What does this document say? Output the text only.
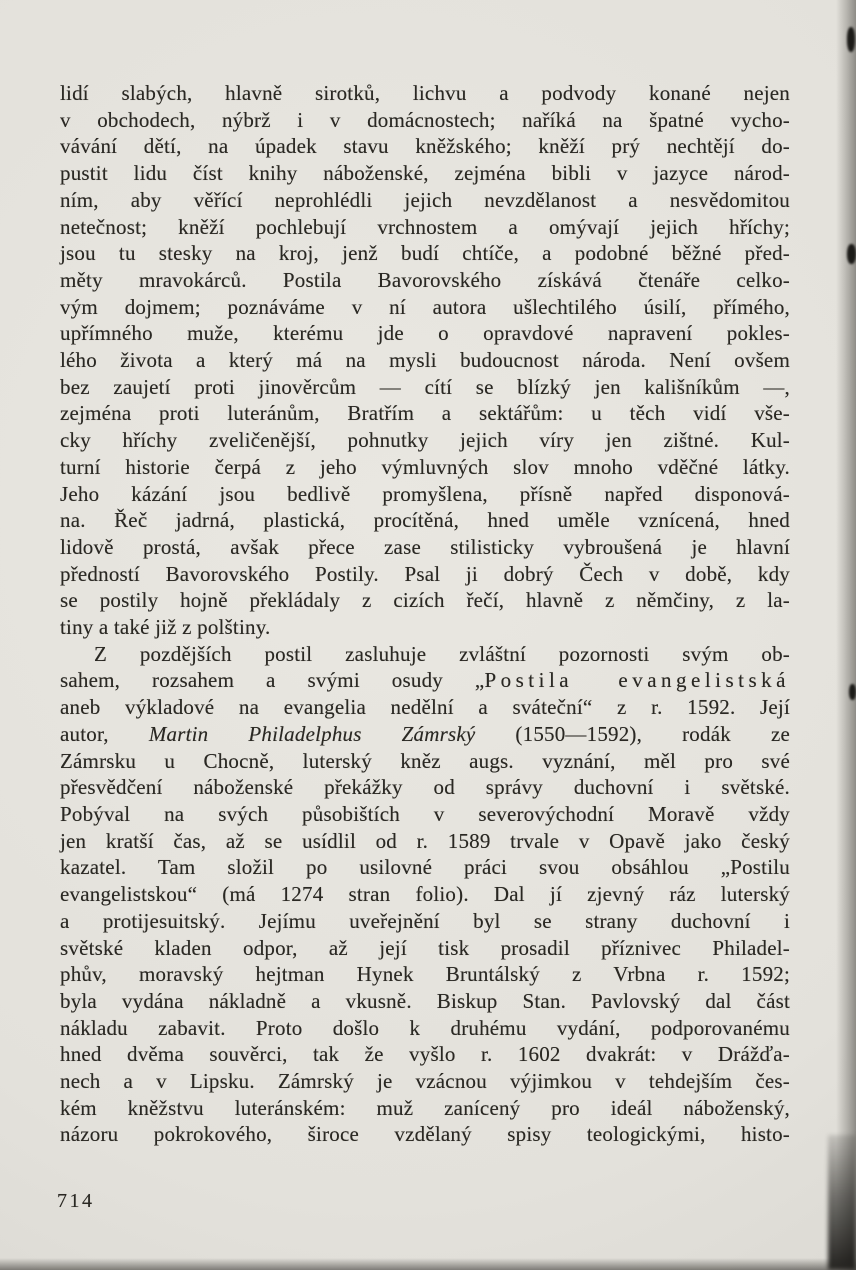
lidí slabých, hlavně sirotků, lichvu a podvody konané nejen
v obchodech, nýbrž i v domácnostech; naříká na špatné vycho-
vávání dětí, na úpadek stavu kněžského; kněží prý nechtějí do-
pustit lidu číst knihy náboženské, zejména bibli v jazyce národ-
ním, aby věřící neprohlédli jejich nevzdělanost a nesvědomitou
netečnost; kněží pochlebují vrchnostem a omývají jejich hříchy;
jsou tu stesky na kroj, jenž budí chtíče, a podobné běžné před-
měty mravokárců. Postila Bavorovského získává čtenáře celko-
vým dojmem; poznáváme v ní autora ušlechtilého úsilí, přímého,
upřímného muže, kterému jde o opravdové napravení pokles-
lého života a který má na mysli budoucnost národa. Není ovšem
bez zaujetí proti jinověrcům — cítí se blízký jen kališníkům —,
zejména proti luteránům, Bratřím a sektářům: u těch vidí vše-
cky hříchy zveličenější, pohnutky jejich víry jen zištné. Kul-
turní historie čerpá z jeho výmluvných slov mnoho vděčné látky.
Jeho kázání jsou bedlivě promyšlena, přísně napřed disponová-
na. Řeč jadrná, plastická, procítěná, hned uměle vznícená, hned
lidově prostá, avšak přece zase stilisticky vybroušená je hlavní
předností Bavorovského Postily. Psal ji dobrý Čech v době, kdy
se postily hojně překládaly z cizích řečí, hlavně z němčiny, z la-
tiny a také již z polštiny.
Z pozdějších postil zasluhuje zvláštní pozornosti svým ob-
sahem, rozsahem a svými osudy „Postila evangelistská
aneb výkladové na evangelia nedělní a sváteční“ z r. 1592. Její
autor, Martin Philadelphus Zámrský (1550—1592), rodák ze
Zámrsku u Chocně, luterský kněz augs. vyznání, měl pro své
přesvědčení náboženské překážky od správy duchovní i světské.
Pobýval na svých působištích v severovýchodní Moravě vždy
jen kratší čas, až se usídlil od r. 1589 trvale v Opavě jako český
kazatel. Tam složil po usilovné práci svou obsáhlou „Postilu
evangelistskou“ (má 1274 stran folio). Dal jí zjevný ráz luterský
a protijesuitský. Jejímu uveřejnění byl se strany duchovní i
světské kladen odpor, až její tisk prosadil příznivec Philadel-
phův, moravský hejtman Hynek Bruntálský z Vrbna r. 1592;
byla vydána nákladně a vkusně. Biskup Stan. Pavlovský dal část
nákladu zabavit. Proto došlo k druhému vydání, podporovanému
hned dvěma souvěrci, tak že vyšlo r. 1602 dvakrát: v Drážďa-
nech a v Lipsku. Zámrský je vzácnou výjimkou v tehdejším čes-
kém kněžstvu luteránském: muž zanícený pro ideál náboženský,
názoru pokrokového, široce vzdělaný spisy teologickými, histo-
714
